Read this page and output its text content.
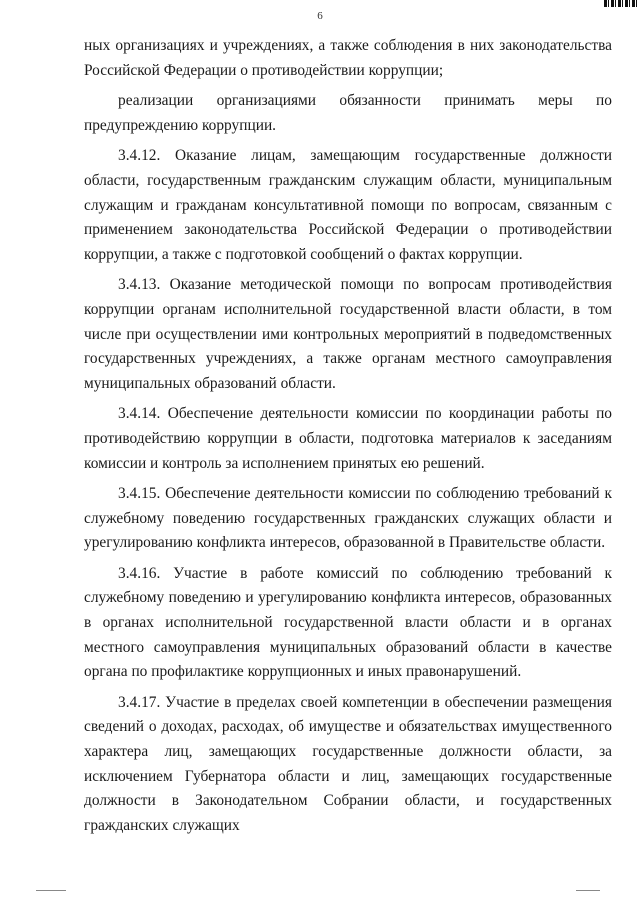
6

ных организациях и учреждениях, а также соблюдения в них законодательства Российской Федерации о противодействии коррупции;

реализации организациями обязанности принимать меры по предупреждению коррупции.

3.4.12. Оказание лицам, замещающим государственные должности области, государственным гражданским служащим области, муниципальным служащим и гражданам консультативной помощи по вопросам, связанным с применением законодательства Российской Федерации о противодействии коррупции, а также с подготовкой сообщений о фактах коррупции.

3.4.13. Оказание методической помощи по вопросам противодействия коррупции органам исполнительной государственной власти области, в том числе при осуществлении ими контрольных мероприятий в подведомственных государственных учреждениях, а также органам местного самоуправления муниципальных образований области.

3.4.14. Обеспечение деятельности комиссии по координации работы по противодействию коррупции в области, подготовка материалов к заседаниям комиссии и контроль за исполнением принятых ею решений.

3.4.15. Обеспечение деятельности комиссии по соблюдению требований к служебному поведению государственных гражданских служащих области и урегулированию конфликта интересов, образованной в Правительстве области.

3.4.16. Участие в работе комиссий по соблюдению требований к служебному поведению и урегулированию конфликта интересов, образованных в органах исполнительной государственной власти области и в органах местного самоуправления муниципальных образований области в качестве органа по профилактике коррупционных и иных правонарушений.

3.4.17. Участие в пределах своей компетенции в обеспечении размещения сведений о доходах, расходах, об имуществе и обязательствах имущественного характера лиц, замещающих государственные должности области, за исключением Губернатора области и лиц, замещающих государственные должности в Законодательном Собрании области, и государственных гражданских служащих
